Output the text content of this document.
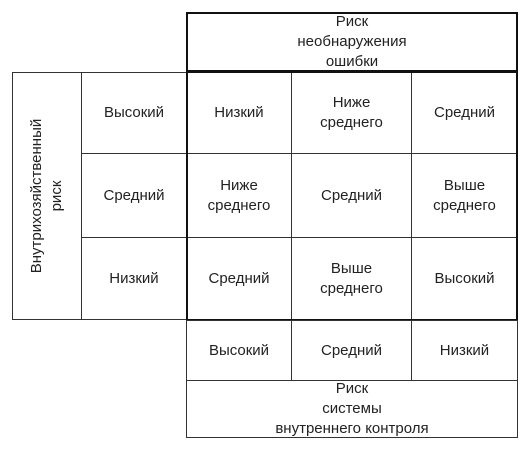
Риск
необнаружения
ошибки
Внутрихозяйственный
риск
Высокий
Средний
Низкий
Низкий
Ниже
среднего
Средний
Ниже
среднего
Средний
Выше
среднего
Средний
Выше
среднего
Высокий
Высокий	Средний	Низкий
Риск
системы
внутреннего контроля
